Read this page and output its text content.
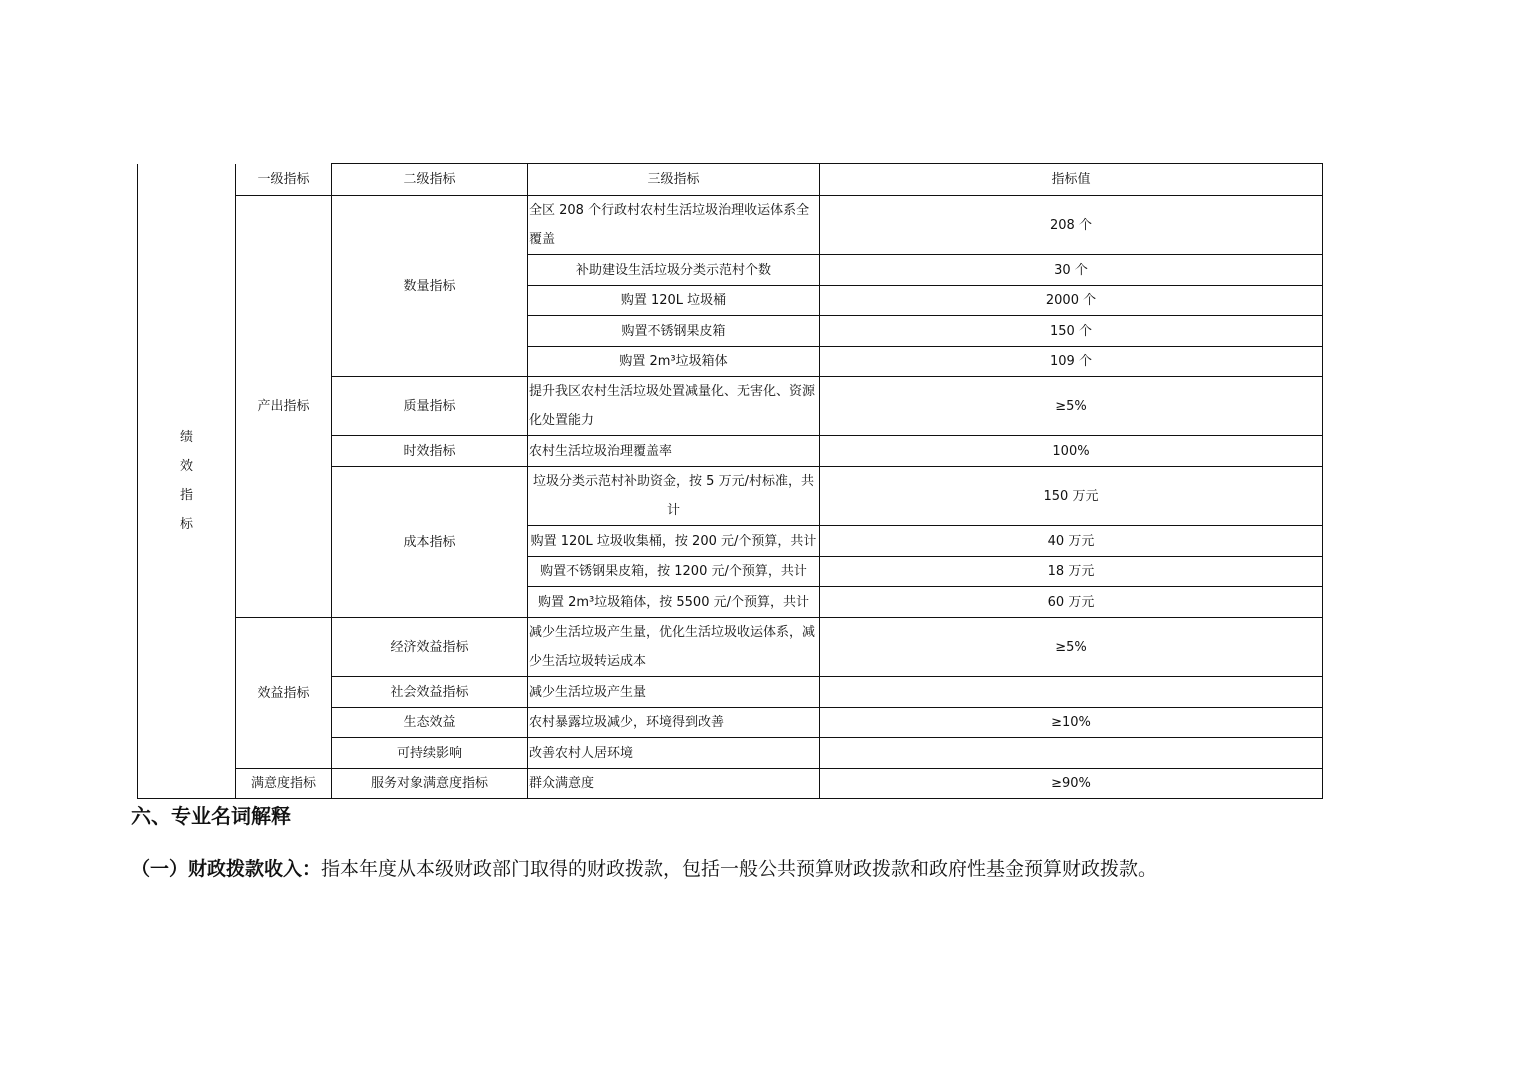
绩
效
指
标	一级指标	二级指标	三级指标	指标值
	产出指标	数量指标	全区 208 个行政村农村生活垃圾治理收运体系全覆盖	208 个
			补助建设生活垃圾分类示范村个数	30 个
			购置 120L 垃圾桶	2000 个
			购置不锈钢果皮箱	150 个
			购置 2m³垃圾箱体	109 个
		质量指标	提升我区农村生活垃圾处置减量化、无害化、资源化处置能力	≥5%
		时效指标	农村生活垃圾治理覆盖率	100%
		成本指标	垃圾分类示范村补助资金，按 5 万元/村标准，共计	150 万元
			购置 120L 垃圾收集桶，按 200 元/个预算，共计	40 万元
			购置不锈钢果皮箱，按 1200 元/个预算，共计	18 万元
			购置 2m³垃圾箱体，按 5500 元/个预算，共计	60 万元
	效益指标	经济效益指标	减少生活垃圾产生量，优化生活垃圾收运体系，减少生活垃圾转运成本	≥5%
		社会效益指标	减少生活垃圾产生量	
		生态效益	农村暴露垃圾减少，环境得到改善	≥10%
		可持续影响	改善农村人居环境	
	满意度指标	服务对象满意度指标	群众满意度	≥90%
六、专业名词解释

（一）财政拨款收入：指本年度从本级财政部门取得的财政拨款，包括一般公共预算财政拨款和政府性基金预算财政拨款。
